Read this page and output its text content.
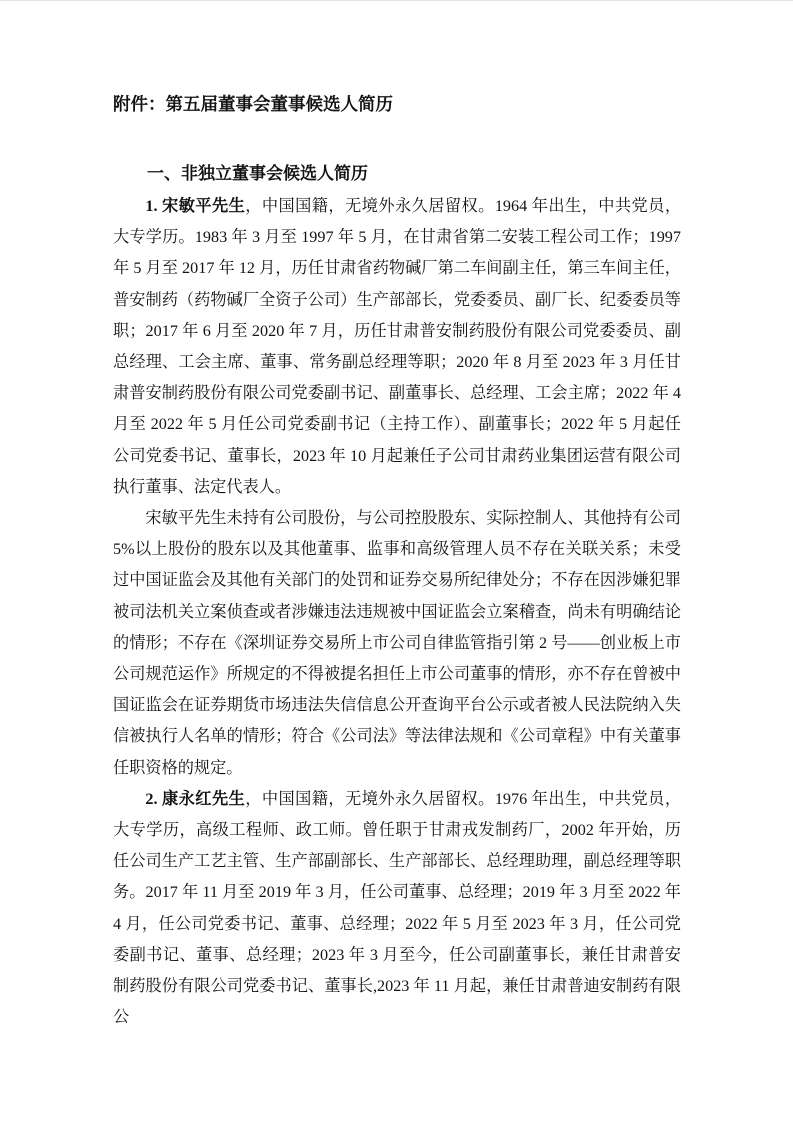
附件：第五届董事会董事候选人简历
一、非独立董事会候选人简历

1. 宋敏平先生，中国国籍，无境外永久居留权。1964 年出生，中共党员，大专学历。1983 年 3 月至 1997 年 5 月，在甘肃省第二安装工程公司工作；1997 年 5 月至 2017 年 12 月，历任甘肃省药物碱厂第二车间副主任，第三车间主任，普安制药（药物碱厂全资子公司）生产部部长，党委委员、副厂长、纪委委员等职；2017 年 6 月至 2020 年 7 月，历任甘肃普安制药股份有限公司党委委员、副总经理、工会主席、董事、常务副总经理等职；2020 年 8 月至 2023 年 3 月任甘肃普安制药股份有限公司党委副书记、副董事长、总经理、工会主席；2022 年 4 月至 2022 年 5 月任公司党委副书记（主持工作）、副董事长；2022 年 5 月起任公司党委书记、董事长，2023 年 10 月起兼任子公司甘肃药业集团运营有限公司执行董事、法定代表人。

宋敏平先生未持有公司股份，与公司控股股东、实际控制人、其他持有公司5%以上股份的股东以及其他董事、监事和高级管理人员不存在关联关系；未受过中国证监会及其他有关部门的处罚和证券交易所纪律处分；不存在因涉嫌犯罪被司法机关立案侦查或者涉嫌违法违规被中国证监会立案稽查，尚未有明确结论的情形；不存在《深圳证券交易所上市公司自律监管指引第 2 号——创业板上市公司规范运作》所规定的不得被提名担任上市公司董事的情形，亦不存在曾被中国证监会在证券期货市场违法失信信息公开查询平台公示或者被人民法院纳入失信被执行人名单的情形；符合《公司法》等法律法规和《公司章程》中有关董事任职资格的规定。

2. 康永红先生，中国国籍，无境外永久居留权。1976 年出生，中共党员，大专学历，高级工程师、政工师。曾任职于甘肃戎发制药厂，2002 年开始，历任公司生产工艺主管、生产部副部长、生产部部长、总经理助理，副总经理等职务。2017 年 11 月至 2019 年 3 月，任公司董事、总经理；2019 年 3 月至 2022 年 4 月，任公司党委书记、董事、总经理；2022 年 5 月至 2023 年 3 月，任公司党委副书记、董事、总经理；2023 年 3 月至今，任公司副董事长，兼任甘肃普安制药股份有限公司党委书记、董事长,2023 年 11 月起，兼任甘肃普迪安制药有限公
